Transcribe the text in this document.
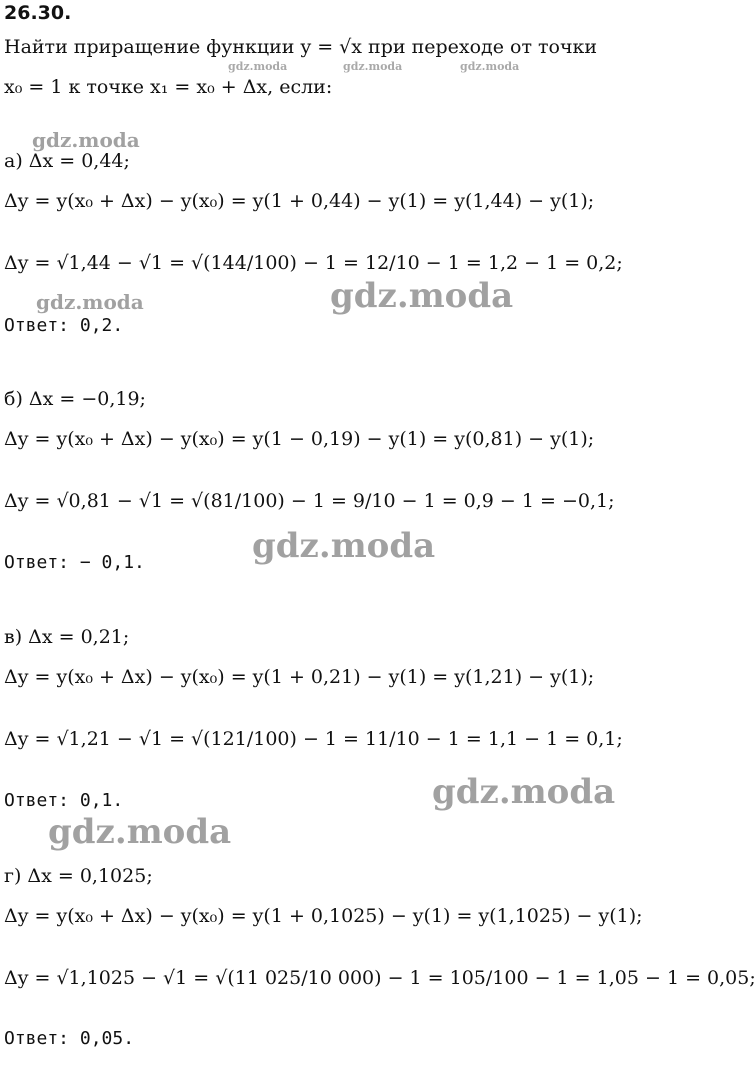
26.30.
Найти приращение функции y = √x при переходе от точки
x₀ = 1 к точке x₁ = x₀ + Δx, если:
а) Δx = 0,44;
Δy = y(x₀ + Δx) − y(x₀) = y(1 + 0,44) − y(1) = y(1,44) − y(1);
Δy = √1,44 − √1 = √(144/100) − 1 = 12/10 − 1 = 1,2 − 1 = 0,2;
Ответ: 0,2.
б) Δx = −0,19;
Δy = y(x₀ + Δx) − y(x₀) = y(1 − 0,19) − y(1) = y(0,81) − y(1);
Δy = √0,81 − √1 = √(81/100) − 1 = 9/10 − 1 = 0,9 − 1 = −0,1;
Ответ: − 0,1.
в) Δx = 0,21;
Δy = y(x₀ + Δx) − y(x₀) = y(1 + 0,21) − y(1) = y(1,21) − y(1);
Δy = √1,21 − √1 = √(121/100) − 1 = 11/10 − 1 = 1,1 − 1 = 0,1;
Ответ: 0,1.
г) Δx = 0,1025;
Δy = y(x₀ + Δx) − y(x₀) = y(1 + 0,1025) − y(1) = y(1,1025) − y(1);
Δy = √1,1025 − √1 = √(11 025/10 000) − 1 = 105/100 − 1 = 1,05 − 1 = 0,05;
Ответ: 0,05.
gdz.moda	gdz.moda	gdz.moda
gdz.moda
gdz.moda	gdz.moda
gdz.moda
gdz.moda
gdz.moda
